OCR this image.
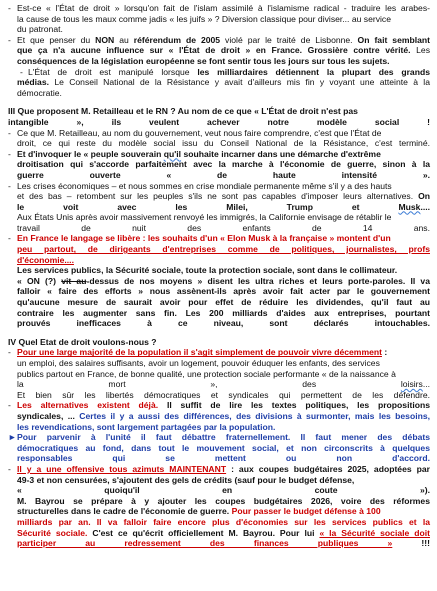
- Est-ce « l'État de droit » lorsqu'on fait de l'islam assimilé à l'islamisme radical - traduire les arabes-
la cause de tous les maux comme jadis « les juifs » ? Diversion classique pour diviser... au service
du patronat.
- Et que penser du NON au référendum de 2005 violé par le traité de Lisbonne. On fait semblant
que ça n'a aucune influence sur « l'État de droit » en France. Grossière contre vérité. Les
conséquences de la législation européenne se font sentir tous les jours sur tous les sujets.
- L'État de droit est manipulé lorsque les milliardaires détiennent la plupart des grands
médias. Le Conseil National de la Résistance y avait d'ailleurs mis fin y voyant une atteinte à la
démocratie.
III Que proposent M. Retailleau et le RN ? Au nom de ce que « L'État de droit n'est pas
intangible », ils veulent achever notre modèle social !
- Ce que M. Retailleau, au nom du gouvernement, veut nous faire comprendre, c'est que l'État de
droit, ce qui reste du modèle social issu du Conseil National de la Résistance, c'est terminé.
- Et d'invoquer le « peuple souverain qu'il souhaite incarner dans une démarche d'extrême
droitisation qui s'accorde parfaitement avec la marche à l'économie de guerre, sinon à la
guerre ouverte « de haute intensité ».
- Les crises économiques – et nous sommes en crise mondiale permanente même s'il y a des hauts
et des bas – retombent sur les peuples s'ils ne sont pas capables d'imposer leurs alternatives. On
le voit avec les Milei, Trump et Musk....
Aux États Unis après avoir massivement renvoyé les immigrés, la Californie envisage de rétablir le
travail de nuit des enfants de 14 ans.
- En France le langage se libère : les souhaits d'un « Elon Musk à la française » montent d'un
peu partout, de dirigeants d'entreprises comme de politiques, journalistes, profs
d'économie....
Les services publics, la Sécurité sociale, toute la protection sociale, sont dans le collimateur.
« ON (?) vit au-dessus de nos moyens » disent les ultra riches et leurs porte-paroles. Il va
falloir « faire des efforts » nous assènent-ils après avoir fait acter par le gouvernement
qu'aucune mesure de saurait avoir pour effet de réduire les dividendes, qu'il faut au
contraire les augmenter sans fin. Les 200 milliards d'aides aux entreprises, pourtant
prouvés inefficaces à ce niveau, sont déclarés intouchables.
IV Quel Etat de droit voulons-nous ?
- Pour une large majorité de la population il s'agit simplement de pouvoir vivre décemment :
un emploi, des salaires suffisants, avoir un logement, pouvoir éduquer les enfants, des services
publics partout en France, de bonne qualité, une protection sociale performante « de la naissance à
la mort », des loisirs...
Et bien sûr les libertés démocratiques et syndicales qui permettent de les défendre.
- Les alternatives existent déjà. Il suffit de lire les textes politiques, les propositions
syndicales, ... Certes il y a aussi des différences, des divisions à surmonter, mais les besoins,
les revendications, sont largement partagées par la population.
► Pour parvenir à l'unité il faut débattre fraternellement. Il faut mener des débats
démocratiques au fond, dans tout le mouvement social, et non circonscrits à quelques
responsables qui se mettent ou non d'accord.
- Il y a une offensive tous azimuts MAINTENANT : aux coupes budgétaires 2025, adoptées par
49-3 et non censurées, s'ajoutent des gels de crédits (sauf pour le budget défense,
« quoiqu'il en coute »).
M. Bayrou se prépare à y ajouter les coupes budgétaires 2026, voire des réformes
structurelles dans le cadre de l'économie de guerre. Pour passer le budget défense à 100
milliards par an. Il va falloir faire encore plus d'économies sur les services publics et la
Sécurité sociale. C'est ce qu'écrit officiellement M. Bayrou. Pour lui « la Sécurité sociale doit
participer au redressement des finances publiques » !!!
